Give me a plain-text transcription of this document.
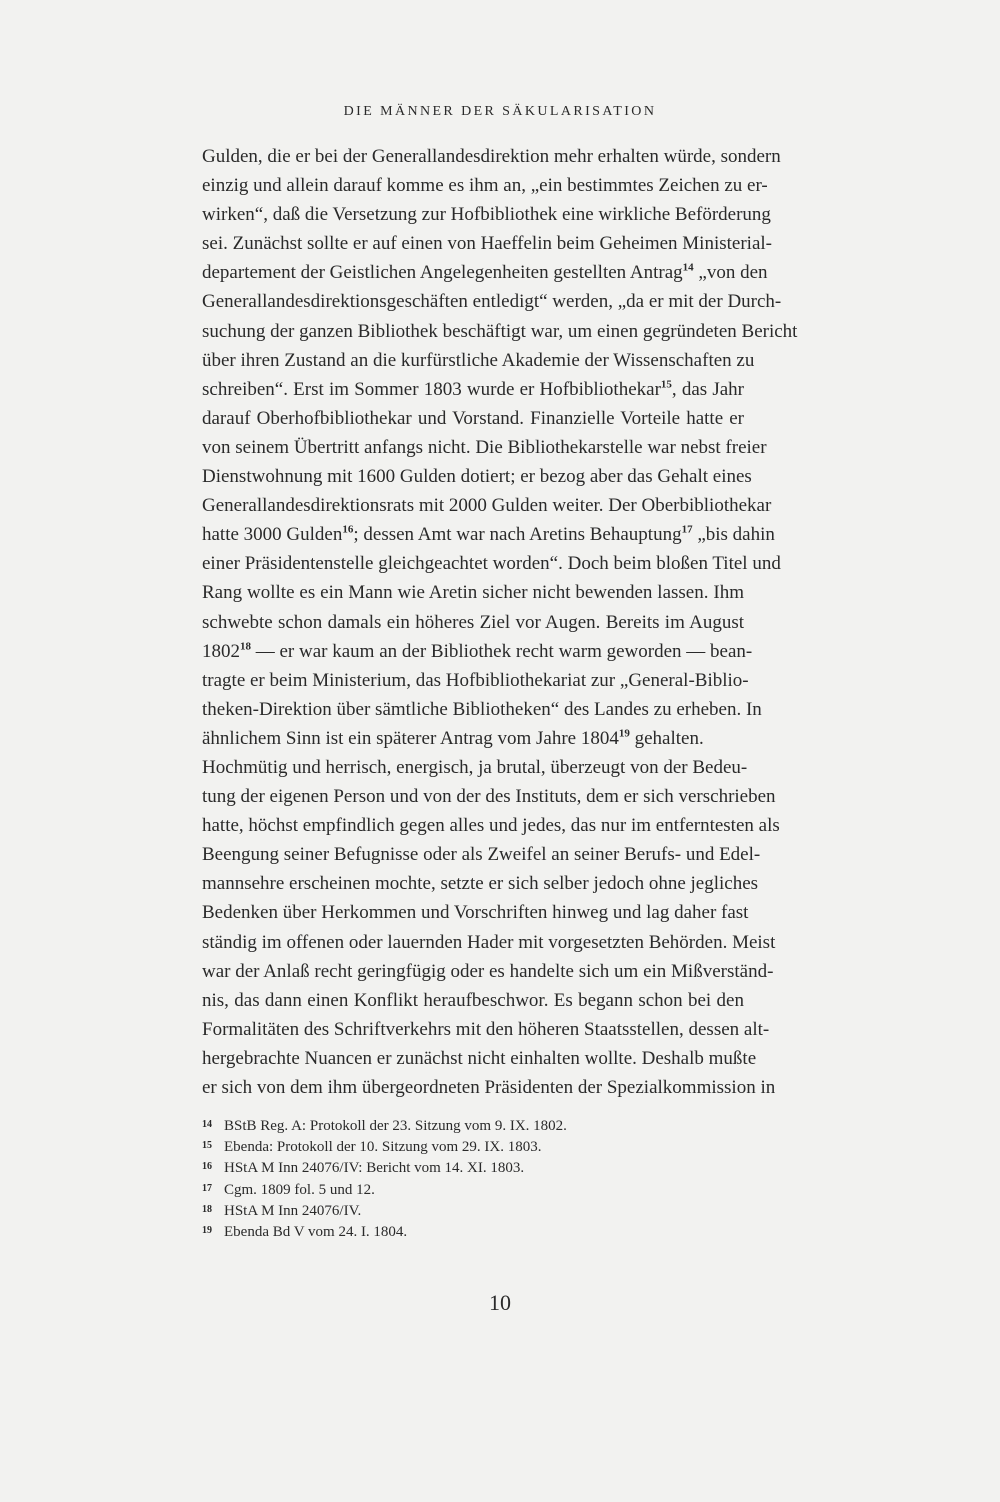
DIE MÄNNER DER SÄKULARISATION
Gulden, die er bei der Generallandesdirektion mehr erhalten würde, sondern
einzig und allein darauf komme es ihm an, „ein bestimmtes Zeichen zu er-
wirken“, daß die Versetzung zur Hofbibliothek eine wirkliche Beförderung
sei. Zunächst sollte er auf einen von Haeffelin beim Geheimen Ministerial-
departement der Geistlichen Angelegenheiten gestellten Antrag$^{14}$ „von den
Generallandesdirektionsgeschäften entledigt“ werden, „da er mit der Durch-
suchung der ganzen Bibliothek beschäftigt war, um einen gegründeten Bericht
über ihren Zustand an die kurfürstliche Akademie der Wissenschaften zu
schreiben“. Erst im Sommer 1803 wurde er Hofbibliothekar$^{15}$, das Jahr
darauf Oberhofbibliothekar und Vorstand. Finanzielle Vorteile hatte er
von seinem Übertritt anfangs nicht. Die Bibliothekarstelle war nebst freier
Dienstwohnung mit 1600 Gulden dotiert; er bezog aber das Gehalt eines
Generallandesdirektionsrats mit 2000 Gulden weiter. Der Oberbibliothekar
hatte 3000 Gulden$^{16}$; dessen Amt war nach Aretins Behauptung$^{17}$ „bis dahin
einer Präsidentenstelle gleichgeachtet worden“. Doch beim bloßen Titel und
Rang wollte es ein Mann wie Aretin sicher nicht bewenden lassen. Ihm
schwebte schon damals ein höheres Ziel vor Augen. Bereits im August
1802$^{18}$ — er war kaum an der Bibliothek recht warm geworden — bean-
tragte er beim Ministerium, das Hofbibliothekariat zur „General-Biblio-
theken-Direktion über sämtliche Bibliotheken“ des Landes zu erheben. In
ähnlichem Sinn ist ein späterer Antrag vom Jahre 1804$^{19}$ gehalten.
Hochmütig und herrisch, energisch, ja brutal, überzeugt von der Bedeu-
tung der eigenen Person und von der des Instituts, dem er sich verschrieben
hatte, höchst empfindlich gegen alles und jedes, das nur im entferntesten als
Beengung seiner Befugnisse oder als Zweifel an seiner Berufs- und Edel-
mannsehre erscheinen mochte, setzte er sich selber jedoch ohne jegliches
Bedenken über Herkommen und Vorschriften hinweg und lag daher fast
ständig im offenen oder lauernden Hader mit vorgesetzten Behörden. Meist
war der Anlaß recht geringfügig oder es handelte sich um ein Mißverständ-
nis, das dann einen Konflikt heraufbeschwor. Es begann schon bei den
Formalitäten des Schriftverkehrs mit den höheren Staatsstellen, dessen alt-
hergebrachte Nuancen er zunächst nicht einhalten wollte. Deshalb mußte
er sich von dem ihm übergeordneten Präsidenten der Spezialkommission in
14 BStB Reg. A: Protokoll der 23. Sitzung vom 9. IX. 1802.
15 Ebenda: Protokoll der 10. Sitzung vom 29. IX. 1803.
16 HStA M Inn 24076/IV: Bericht vom 14. XI. 1803.
17 Cgm. 1809 fol. 5 und 12.
18 HStA M Inn 24076/IV.
19 Ebenda Bd V vom 24. I. 1804.
10
